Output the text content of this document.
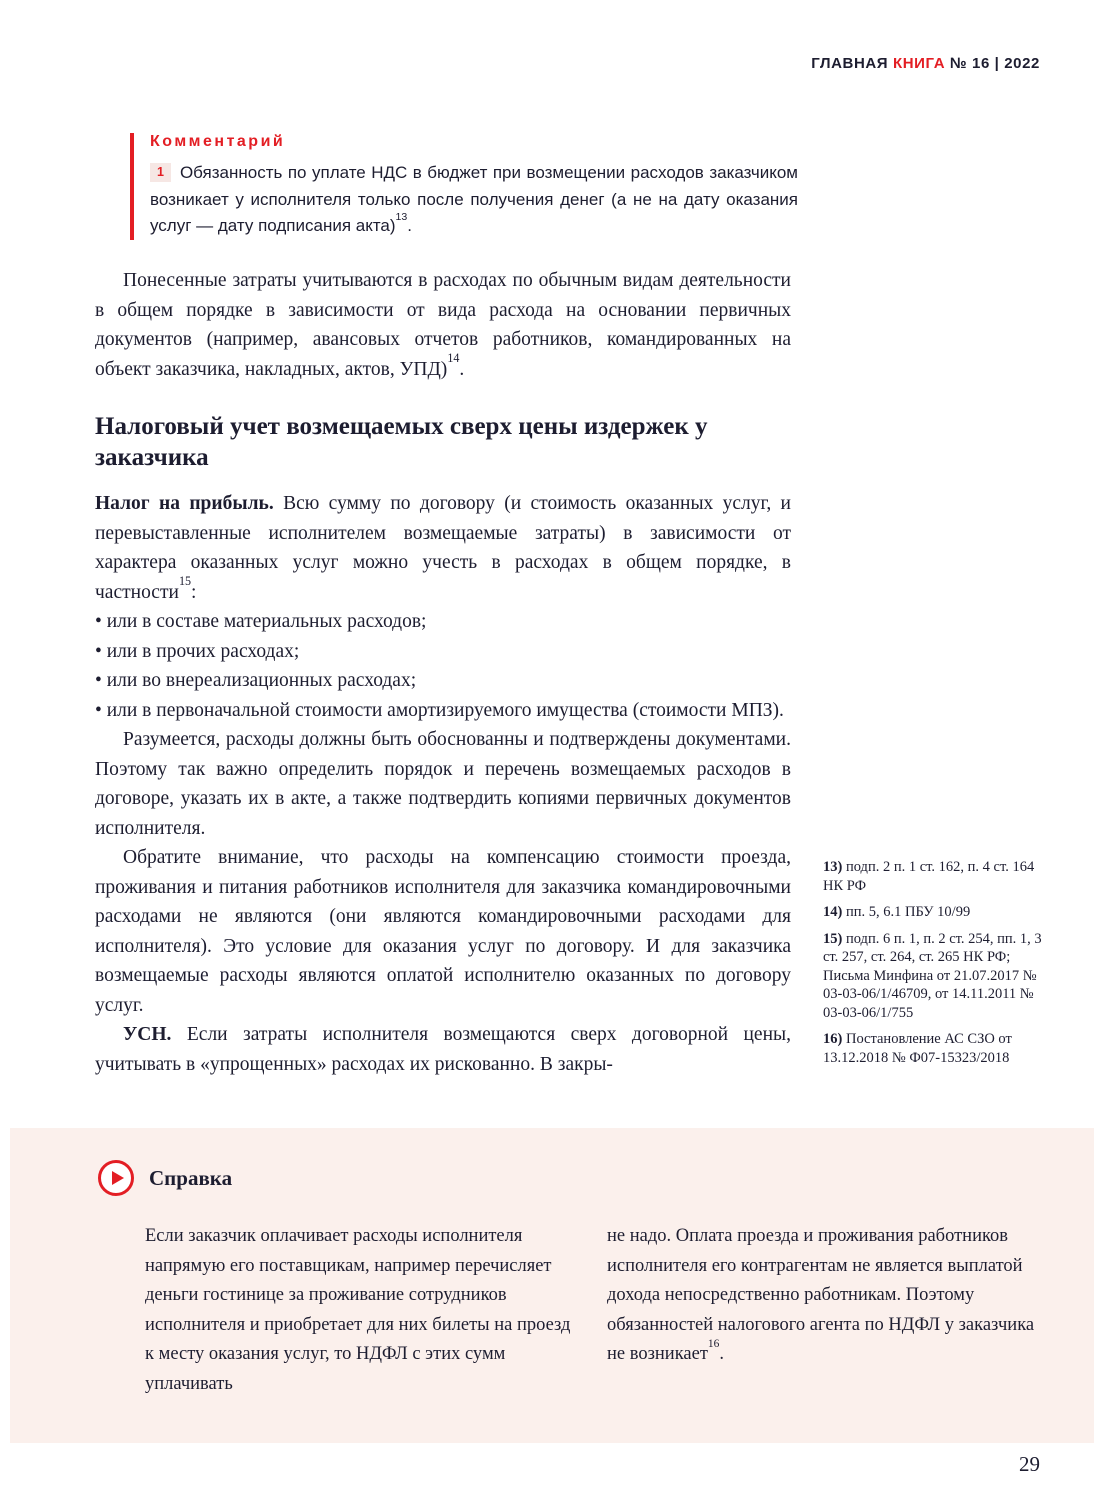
ГЛАВНАЯ КНИГА № 16 | 2022
Комментарий
1 Обязанность по уплате НДС в бюджет при возмещении расходов заказчиком возникает у исполнителя только после получения денег (а не на дату оказания услуг — дату подписания акта)$^{13}$.

Понесенные затраты учитываются в расходах по обычным видам деятельности в общем порядке в зависимости от вида расхода на основании первичных документов (например, авансовых отчетов работников, командированных на объект заказчика, накладных, актов, УПД)$^{14}$.

Налоговый учет возмещаемых сверх цены издержек у заказчика

Налог на прибыль. Всю сумму по договору (и стоимость оказанных услуг, и перевыставленные исполнителем возмещаемые затраты) в зависимости от характера оказанных услуг можно учесть в расходах в общем порядке, в частности$^{15}$:

• или в составе материальных расходов;
• или в прочих расходах;
• или во внереализационных расходах;
• или в первоначальной стоимости амортизируемого имущества (стоимости МПЗ).

Разумеется, расходы должны быть обоснованны и подтверждены документами. Поэтому так важно определить порядок и перечень возмещаемых расходов в договоре, указать их в акте, а также подтвердить копиями первичных документов исполнителя.

Обратите внимание, что расходы на компенсацию стоимости проезда, проживания и питания работников исполнителя для заказчика командировочными расходами не являются (они являются командировочными расходами для исполнителя). Это условие для оказания услуг по договору. И для заказчика возмещаемые расходы являются оплатой исполнителю оказанных по договору услуг.

УСН. Если затраты исполнителя возмещаются сверх договорной цены, учитывать в «упрощенных» расходах их рискованно. В закры-

13) подп. 2 п. 1 ст. 162, п. 4 ст. 164 НК РФ
14) пп. 5, 6.1 ПБУ 10/99
15) подп. 6 п. 1, п. 2 ст. 254, пп. 1, 3 ст. 257, ст. 264, ст. 265 НК РФ; Письма Минфина от 21.07.2017 № 03-03-06/1/46709, от 14.11.2011 № 03-03-06/1/755
16) Постановление АС СЗО от 13.12.2018 № Ф07-15323/2018
Справка
Если заказчик оплачивает расходы исполнителя напрямую его поставщикам, например перечисляет деньги гостинице за проживание сотрудников исполнителя и приобретает для них билеты на проезд к месту оказания услуг, то НДФЛ с этих сумм уплачивать
не надо. Оплата проезда и проживания работников исполнителя его контрагентам не является выплатой дохода непосредственно работникам. Поэтому обязанностей налогового агента по НДФЛ у заказчика не возникает$^{16}$.
29
